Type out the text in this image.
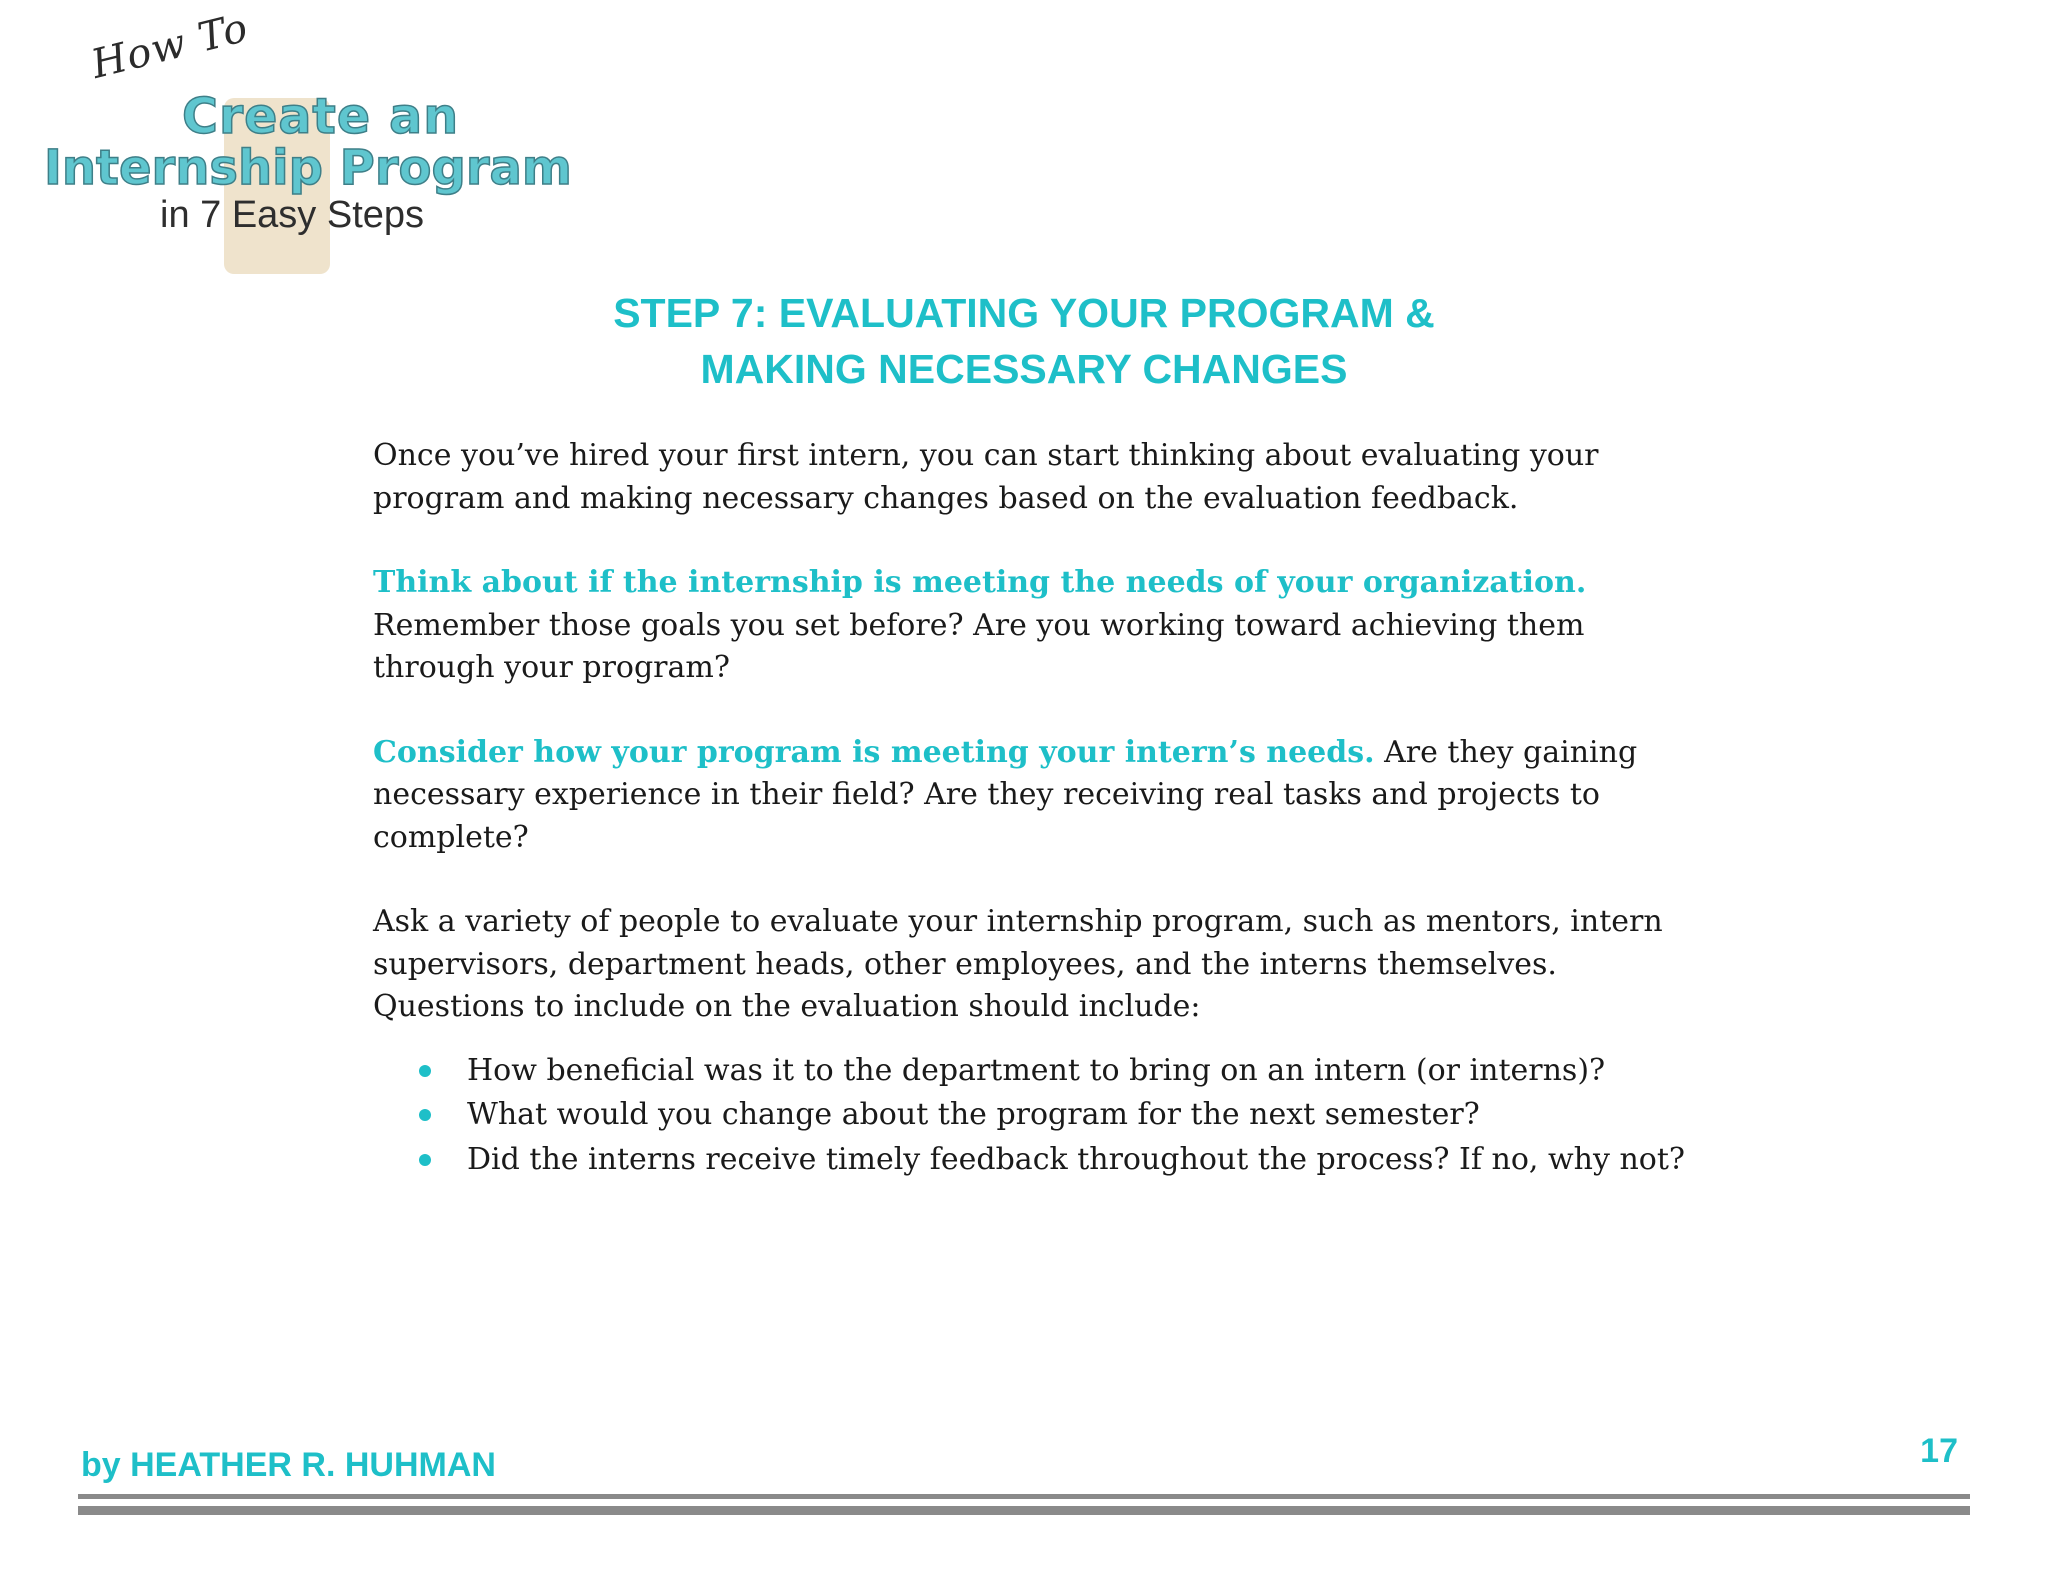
How To
Create an
Internship Program
in 7 Easy Steps
STEP 7: EVALUATING YOUR PROGRAM &
MAKING NECESSARY CHANGES

Once you’ve hired your first intern, you can start thinking about evaluating your program and making necessary changes based on the evaluation feedback.

Think about if the internship is meeting the needs of your organization.
Remember those goals you set before? Are you working toward achieving them through your program?

Consider how your program is meeting your intern’s needs. Are they gaining necessary experience in their field? Are they receiving real tasks and projects to complete?

Ask a variety of people to evaluate your internship program, such as mentors, intern supervisors, department heads, other employees, and the interns themselves. Questions to include on the evaluation should include:

How beneficial was it to the department to bring on an intern (or interns)?
What would you change about the program for the next semester?
Did the interns receive timely feedback throughout the process? If no, why not?
by HEATHER R. HUHMAN	17
